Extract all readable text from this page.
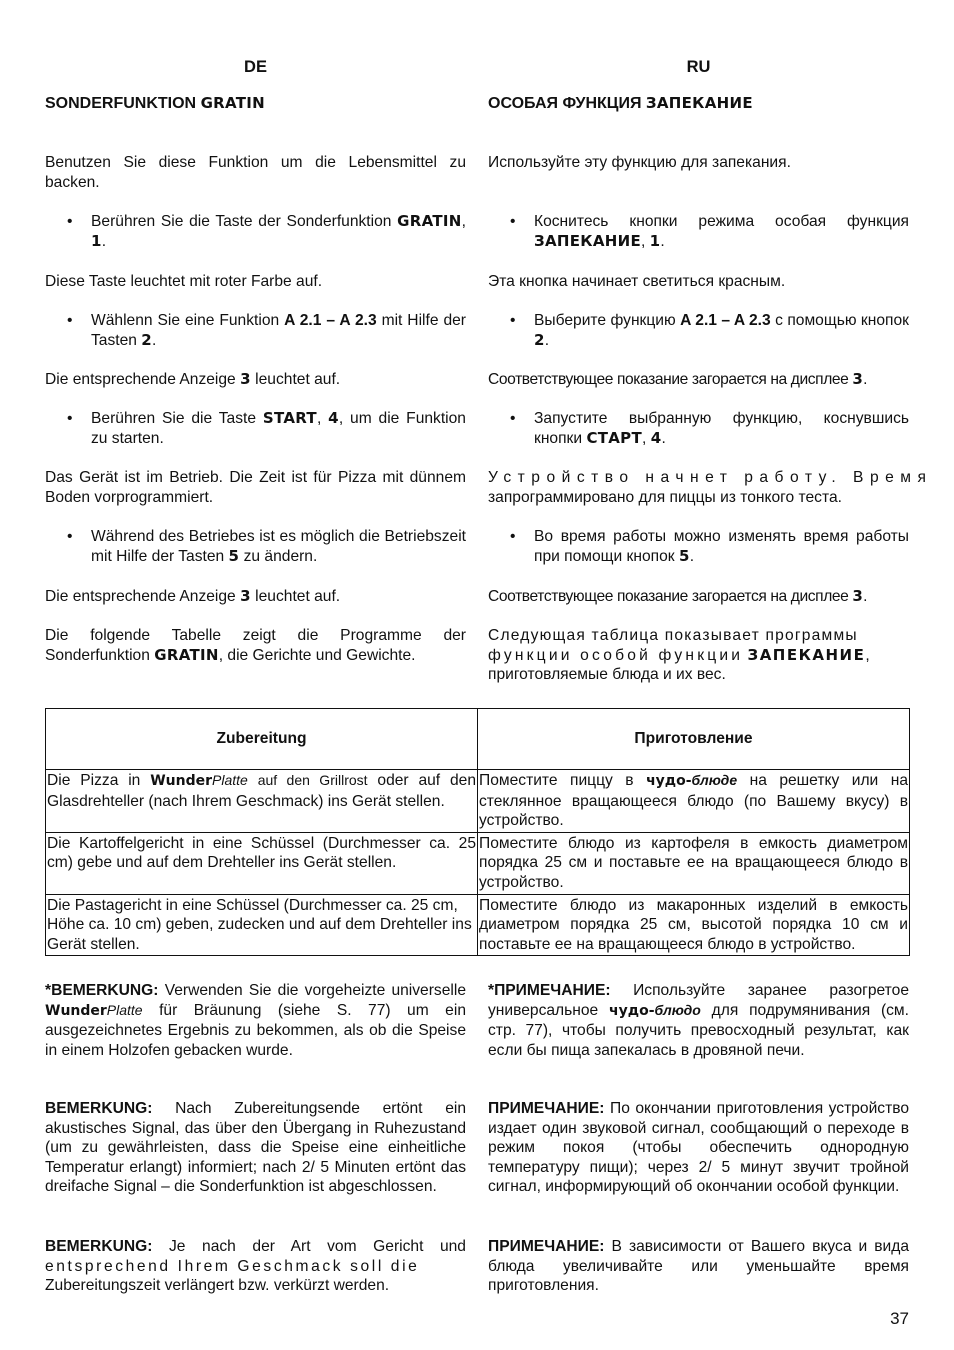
DE	RU
SONDERFUNKTION GRATIN	ОСОБАЯ ФУНКЦИЯ ЗАПЕКАНИЕ

Benutzen Sie diese Funktion um die Lebensmittel zu backen.

• Berühren Sie die Taste der Sonderfunktion GRATIN, 1.

Diese Taste leuchtet mit roter Farbe auf.

• Wählenn Sie eine Funktion A 2.1 – A 2.3 mit Hilfe der Tasten 2.

Die entsprechende Anzeige 3 leuchtet auf.

• Berühren Sie die Taste START, 4, um die Funktion zu starten.

Das Gerät ist im Betrieb. Die Zeit ist für Pizza mit dünnem Boden vorprogrammiert.

• Während des Betriebes ist es möglich die Betriebszeit mit Hilfe der Tasten 5 zu ändern.

Die entsprechende Anzeige 3 leuchtet auf.

Die folgende Tabelle zeigt die Programme der Sonderfunktion GRATIN, die Gerichte und Gewichte.

Используйте эту функцию для запекания.

• Коснитесь кнопки режима особая функция ЗАПЕКАНИЕ, 1.

Эта кнопка начинает светиться красным.

• Выберите функцию A 2.1 – A 2.3 с помощью кнопок 2.

Соответствующее показание загорается на дисплее 3.

• Запустите выбранную функцию, коснувшись кнопки СТАРТ, 4.
Устройство начнет работу. Время
запрограммировано для пиццы из тонкого теста.
• Во время работы можно изменять время работы при помощи кнопок 5.

Соответствующее показание загорается на дисплее 3.

Следующая таблица показывает программы
функции особой функции ЗАПЕКАНИЕ,
приготовляемые блюда и их вес.
Zubereitung	Приготовление

Die Pizza in WunderPlatte auf den Grillrost oder auf den Glasdrehteller (nach Ihrem Geschmack) ins Gerät stellen.	Поместите пиццу в чудо-блюде на решетку или на стеклянное вращающееся блюдо (по Вашему вкусу) в устройство.

Die Kartoffelgericht in eine Schüssel (Durchmesser ca. 25 cm) gebe und auf dem Drehteller ins Gerät stellen.	Поместите блюдо из картофеля в емкость диаметром порядка 25 см и поставьте ее на вращающееся блюдо в устройство.

Die Pastagericht in eine Schüssel (Durchmesser ca. 25 cm, Höhe ca. 10 cm) geben, zudecken und auf dem Drehteller ins Gerät stellen.	Поместите блюдо из макаронных изделий в емкость диаметром порядка 25 см, высотой порядка 10 см и поставьте ее на вращающееся блюдо в устройство.

*BEMERKUNG: Verwenden Sie die vorgeheizte universelle WunderPlatte für Bräunung (siehe S. 77) um ein ausgezeichnetes Ergebnis zu bekommen, als ob die Speise in einem Holzofen gebacken wurde.

BEMERKUNG: Nach Zubereitungsende ertönt ein akustisches Signal, das über den Übergang in Ruhezustand (um zu gewährleisten, dass die Speise eine einheitliche Temperatur erlangt) informiert; nach 2/ 5 Minuten ertönt das dreifache Signal – die Sonderfunktion ist abgeschlossen.

BEMERKUNG: Je nach der Art vom Gericht und
entsprechend Ihrem Geschmack soll die
Zubereitungszeit verlängert bzw. verkürzt werden.

*ПРИМЕЧАНИЕ: Используйте заранее разогретое универсальное чудо-блюдо для подрумянивания (см. стр. 77), чтобы получить превосходный результат, как если бы пища запекалась в дровяной печи.

ПРИМЕЧАНИЕ: По окончании приготовления устройство издает один звуковой сигнал, сообщающий о переходе в режим покоя (чтобы обеспечить однородную температуру пищи); через 2/ 5 минут звучит тройной сигнал, информирующий об окончании особой функции.

ПРИМЕЧАНИЕ: В зависимости от Вашего вкуса и вида блюда увеличивайте или уменьшайте время приготовления.

37
